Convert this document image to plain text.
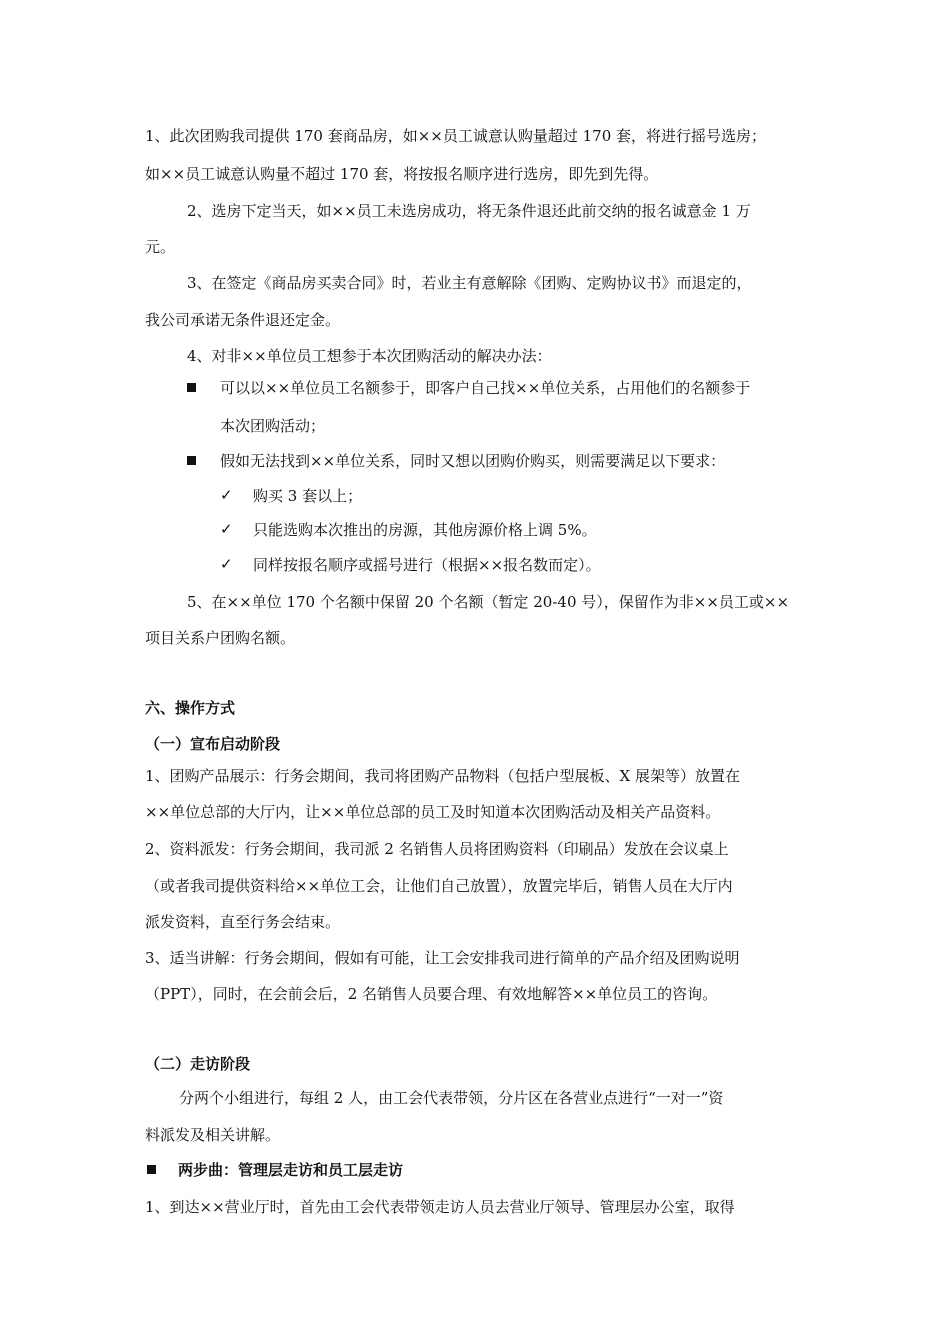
1、此次团购我司提供 170 套商品房，如××员工诚意认购量超过 170 套，将进行摇号选房；
如××员工诚意认购量不超过 170 套，将按报名顺序进行选房，即先到先得。
2、选房下定当天，如××员工未选房成功，将无条件退还此前交纳的报名诚意金 1 万
元。
3、在签定《商品房买卖合同》时，若业主有意解除《团购、定购协议书》而退定的，
我公司承诺无条件退还定金。
4、对非××单位员工想参于本次团购活动的解决办法：
可以以××单位员工名额参于，即客户自己找××单位关系，占用他们的名额参于
本次团购活动；
假如无法找到××单位关系，同时又想以团购价购买，则需要满足以下要求：
✓ 购买 3 套以上；
✓ 只能选购本次推出的房源，其他房源价格上调 5%。
✓ 同样按报名顺序或摇号进行（根据××报名数而定）。
5、在××单位 170 个名额中保留 20 个名额（暂定 20-40 号），保留作为非××员工或××
项目关系户团购名额。
六、操作方式
（一）宣布启动阶段
1、团购产品展示：行务会期间，我司将团购产品物料（包括户型展板、X 展架等）放置在
××单位总部的大厅内，让××单位总部的员工及时知道本次团购活动及相关产品资料。
2、资料派发：行务会期间，我司派 2 名销售人员将团购资料（印刷品）发放在会议桌上
（或者我司提供资料给××单位工会，让他们自己放置），放置完毕后，销售人员在大厅内
派发资料，直至行务会结束。
3、适当讲解：行务会期间，假如有可能，让工会安排我司进行简单的产品介绍及团购说明
（PPT），同时，在会前会后，2 名销售人员要合理、有效地解答××单位员工的咨询。
（二）走访阶段
分两个小组进行，每组 2 人，由工会代表带领，分片区在各营业点进行“一对一”资
料派发及相关讲解。
两步曲：管理层走访和员工层走访
1、到达××营业厅时，首先由工会代表带领走访人员去营业厅领导、管理层办公室，取得
